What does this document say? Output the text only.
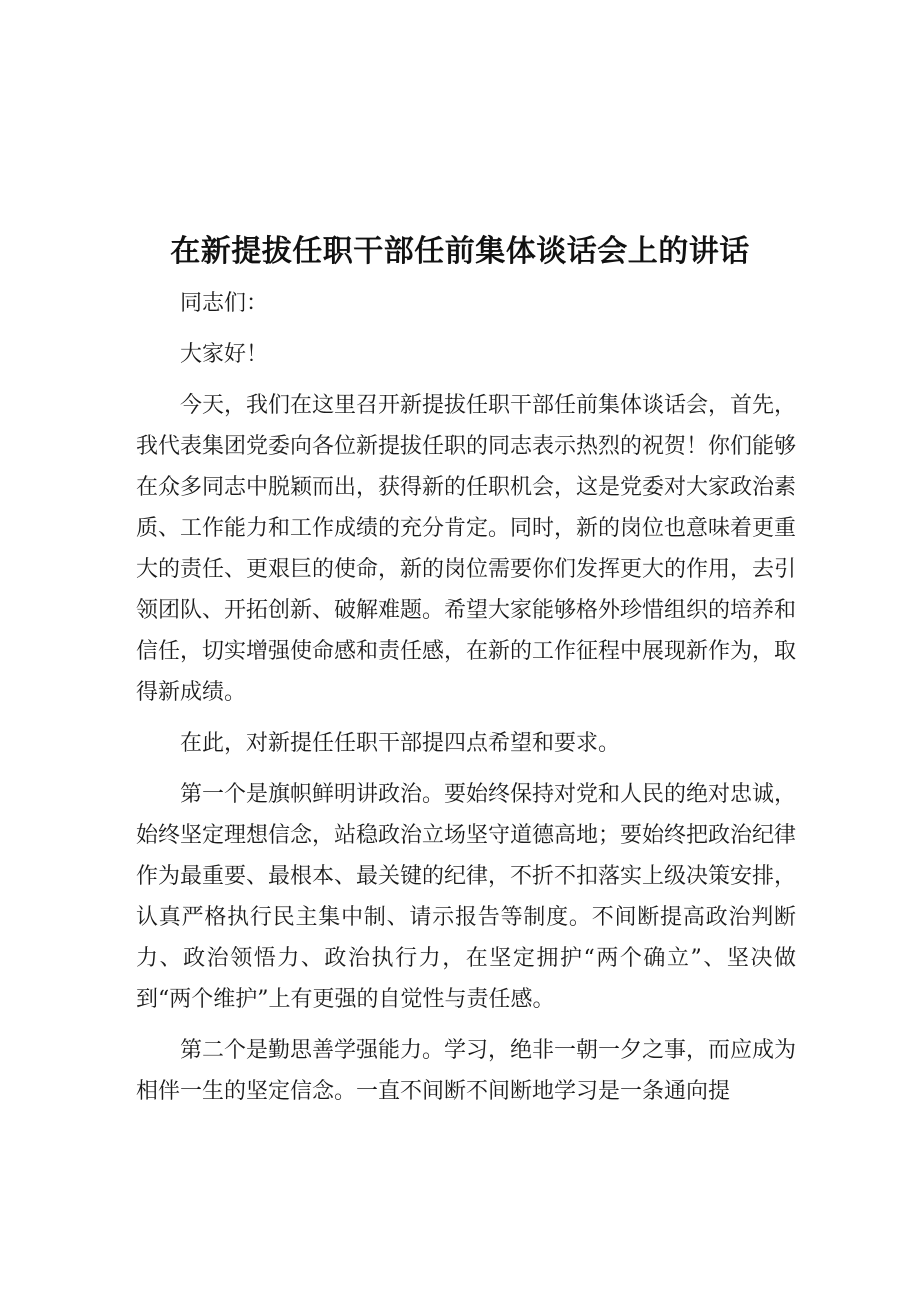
在新提拔任职干部任前集体谈话会上的讲话

同志们：

大家好！

今天，我们在这里召开新提拔任职干部任前集体谈话会，首先，我代表集团党委向各位新提拔任职的同志表示热烈的祝贺！你们能够在众多同志中脱颖而出，获得新的任职机会，这是党委对大家政治素质、工作能力和工作成绩的充分肯定。同时，新的岗位也意味着更重大的责任、更艰巨的使命，新的岗位需要你们发挥更大的作用，去引领团队、开拓创新、破解难题。希望大家能够格外珍惜组织的培养和信任，切实增强使命感和责任感，在新的工作征程中展现新作为，取得新成绩。

在此，对新提任任职干部提四点希望和要求。

第一个是旗帜鲜明讲政治。要始终保持对党和人民的绝对忠诚，始终坚定理想信念，站稳政治立场坚守道德高地；要始终把政治纪律作为最重要、最根本、最关键的纪律，不折不扣落实上级决策安排，认真严格执行民主集中制、请示报告等制度。不间断提高政治判断力、政治领悟力、政治执行力，在坚定拥护“两个确立”、坚决做到“两个维护”上有更强的自觉性与责任感。

第二个是勤思善学强能力。学习，绝非一朝一夕之事，而应成为相伴一生的坚定信念。一直不间断不间断地学习是一条通向提
